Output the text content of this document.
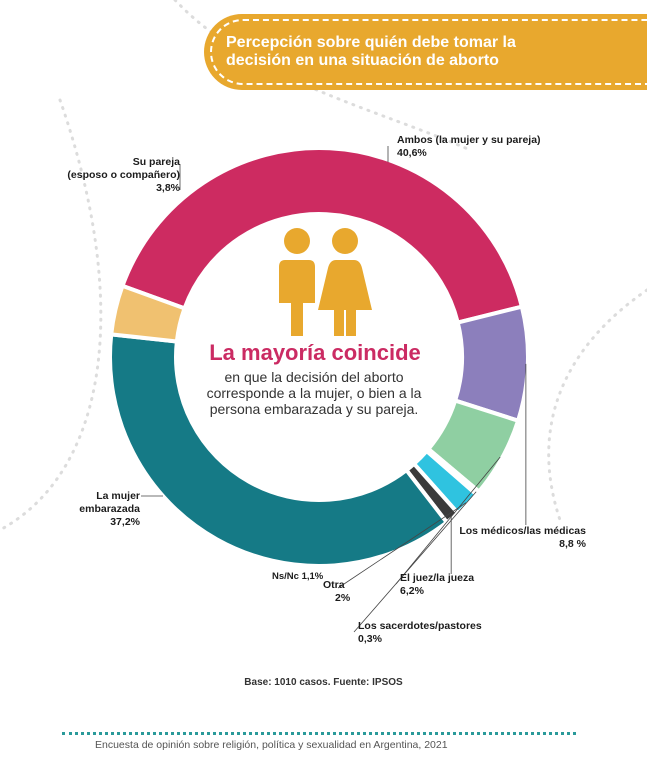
Percepción sobre quién debe tomar la
decisión en una situación de aborto

Ambos (la mujer y su pareja)
40,6%
Los médicos/las médicas
8,8 %
El juez/la jueza
6,2%
Los sacerdotes/pastores
0,3%
Otra
2%
Ns/Nc 1,1%
La mujer
embarazada
37,2%
Su pareja
(esposo o compañero)
3,8%

La mayoría coincide

en que la decisión del aborto corresponde a la mujer, o bien a la persona embarazada y su pareja.

Base: 1010 casos. Fuente: IPSOS
Encuesta de opinión sobre religión, política y sexualidad en Argentina, 2021
